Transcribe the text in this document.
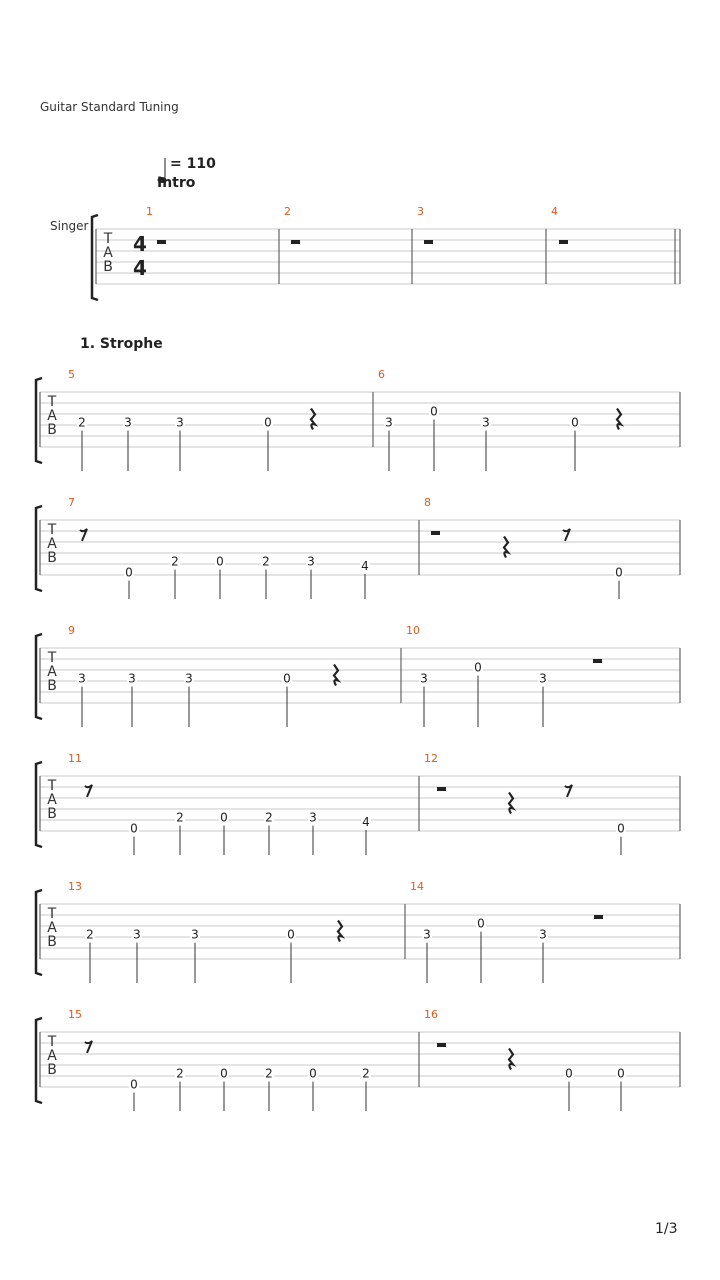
Guitar Standard Tuning
= 110
Intro
Singer
1. Strophe
T
A
B
4
4
1	2	3	4
T
A
B
5
2	3	3	0
6
3
0
3	0
T
A
B
7
0
2	0	2	3	4
8
0
T
A
B
9
3	3	3	0
10
3
0
3
T
A
B
11
0
2	0	2	3	4
12
0
T
A
B
13
2	3	3	0
14
3
0
3
T
A
B
15
0
2	0	2	0	2
16
0	0
1/3
